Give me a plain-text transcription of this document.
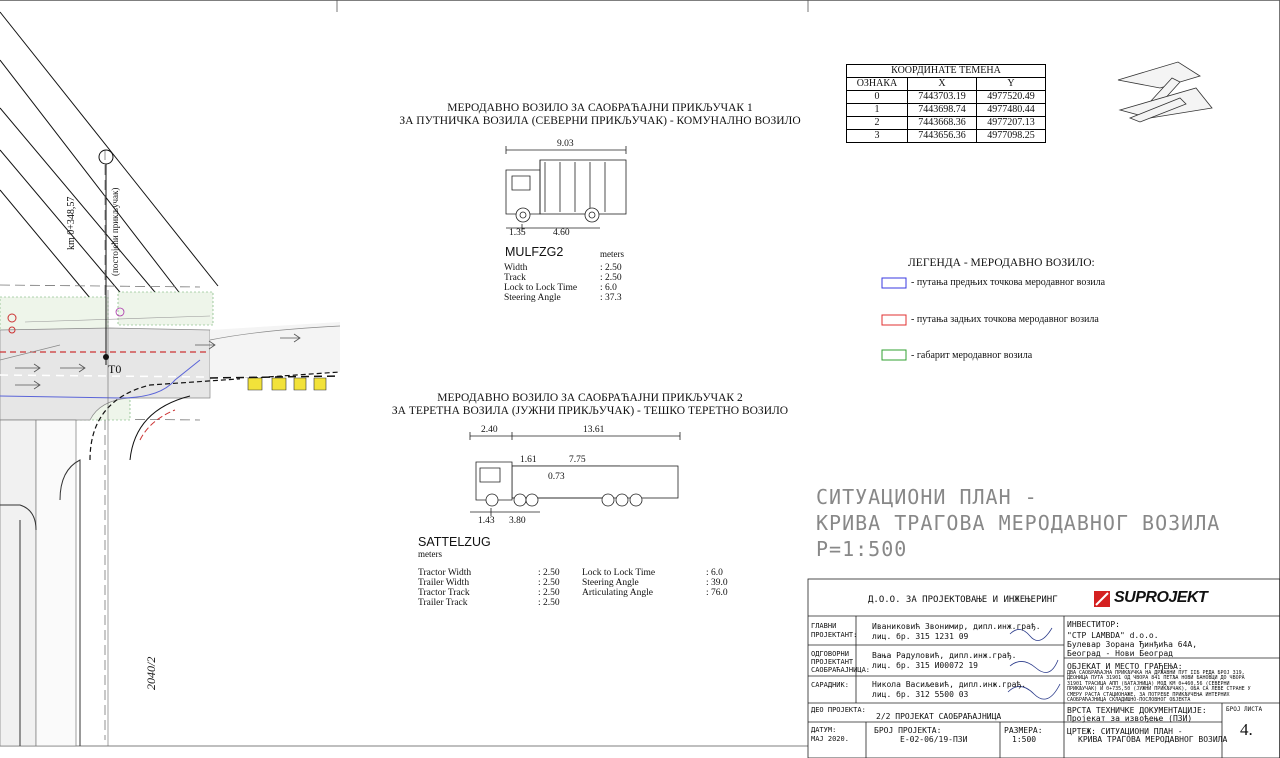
km 0+348,57	(постојећи прикључак)
T0
2040/2
МЕРОДАВНО ВОЗИЛО ЗА САОБРАЋАЈНИ ПРИКЉУЧАК 1
ЗА ПУТНИЧКА ВОЗИЛА (СЕВЕРНИ ПРИКЉУЧАК) - КОМУНАЛНО ВОЗИЛО
9.03
1.35	4.60
MULFZG2	meters
Width	: 2.50
Track	: 2.50
Lock to Lock Time	: 6.0
Steering Angle	: 37.3
МЕРОДАВНО ВОЗИЛО ЗА САОБРАЋАЈНИ ПРИКЉУЧАК 2
ЗА ТЕРЕТНА ВОЗИЛА (ЈУЖНИ ПРИКЉУЧАК) - ТЕШКО ТЕРЕТНО ВОЗИЛО
2.40	13.61
1.61	7.75
0.73
1.43 3.80
SATTELZUG
meters
Tractor Width	: 2.50
Trailer Width	: 2.50
Tractor Track	: 2.50
Trailer Track	: 2.50
Lock to Lock Time	: 6.0
Steering Angle	: 39.0
Articulating Angle	: 76.0
КООРДИНАТЕ ТЕМЕНА		
ОЗНАКА	X	Y
0	7443703.19	4977520.49
1	7443698.74	4977480.44
2	7443668.36	4977207.13
3	7443656.36	4977098.25
ЛЕГЕНДА - МЕРОДАВНО ВОЗИЛО:
- путања предњих точкова меродавног возила
- путања задњих точкова меродавног возила
- габарит меродавног возила
СИТУАЦИОНИ ПЛАН -
КРИВА ТРАГОВА МЕРОДАВНОГ ВОЗИЛА
Р=1:500
Д.О.О. ЗА ПРОЈЕКТОВАЊЕ И ИНЖЕЊЕРИНГ	SUPROJEKT
ГЛАВНИ ПРОЈЕКТАНТ:
Иваниковић Звонимир, дипл.инж.грађ.
лиц. бр. 315 1231 09
ОДГОВОРНИ ПРОЈЕКТАНТ САОБРАЋАЈНИЦА:
Вања Радуловић, дипл.инж.грађ.
лиц. бр. 315 И00072 19
САРАДНИК:	Никола Васиљевић, дипл.инж.грађ.
лиц. бр. 312 5500 03
ИНВЕСТИТОР:
"СТР LAMBDA" d.o.o.
Булевар Зорана Ђинђића 64А,
Београд - Нови Београд
ОБЈЕКАТ И МЕСТО ГРАЂЕЊА:
ДВА САОБРАЋАЈНА ПРИКЉУЧКА НА ДРЖАВНИ ПУТ IIБ РЕДА БРОЈ 319,
ДЕОНИЦА ПУТА 31901 ОД ЧВОРА 841 ПЕТЉА НОВИ БАНОВЦИ ДО ЧВОРА
31901 ТРАСИЦА АПП (БАТАЈНИЦА) МОД КМ 0+460,56 (СЕВЕРНИ
ПРИКЉУЧАК) И 0+735,50 (ЈУЖНИ ПРИКЉУЧАК), ОБА СА ЛЕВЕ СТРАНЕ У
СМЕРУ РАСТА СТАЦИОНАЖЕ, ЗА ПОТРЕБЕ ПРИКЉУЧЕЊА ИНТЕРНИХ
САОБРАЋАЈНИЦА СКЛАДИШНО-ПОСЛОВНОГ ОБЈЕКТА
ДЕО ПРОЈЕКТА:
2/2 ПРОЈЕКАТ САОБРАЋАЈНИЦА
ВРСТА ТЕХНИЧКЕ ДОКУМЕНТАЦИЈЕ:
Пројекат за извођење (ПЗИ)
БРОЈ ЛИСТА
4.
ДАТУМ:
МАЈ 2020.
БРОЈ ПРОЈЕКТА:
Е-02-06/19-ПЗИ
РАЗМЕРА:
1:500
ЦРТЕЖ: СИТУАЦИОНИ ПЛАН -
КРИВА ТРАГОВА МЕРОДАВНОГ ВОЗИЛА
